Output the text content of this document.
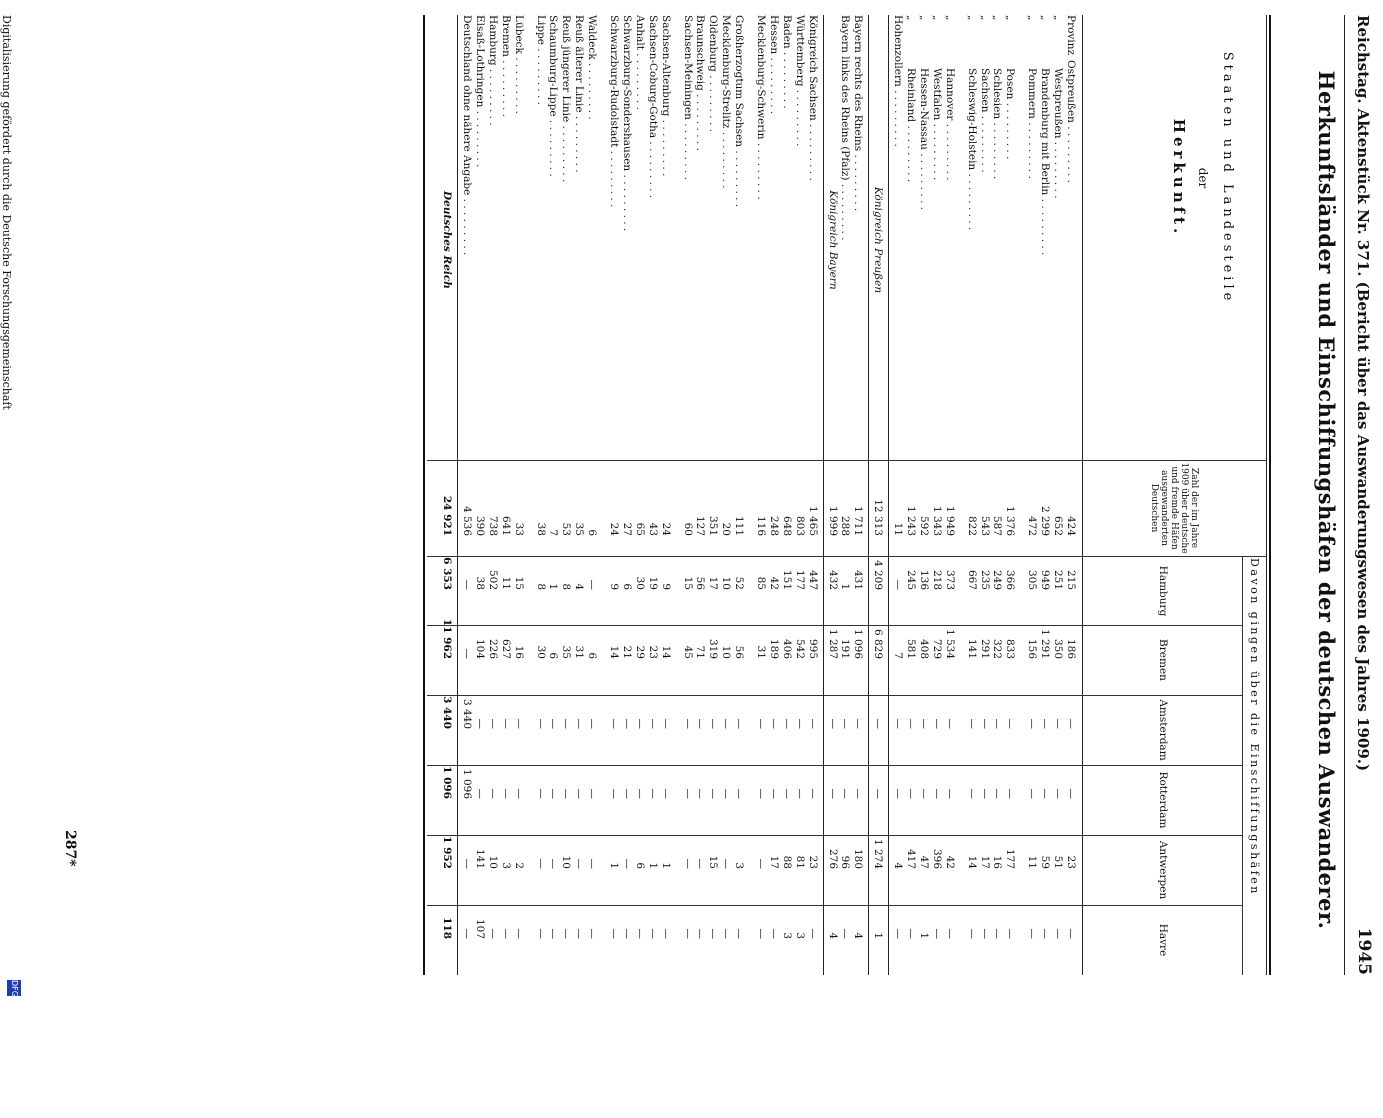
Reichstag. Aktenstück Nr. 371. (Bericht über das Auswanderungswesen des Jahres 1909.)
1945
Herkunftsländer und Einschiffungshäfen der deutschen Auswanderer.
Staaten und Landesteile
der
Herkunft.
Zahl der im Jahre 1909 über deutsche und fremde Häfen ausgewanderten Deutschen
Davon gingen über die Einschiffungshäfen
Hamburg
Bremen
Amsterdam
Rotterdam
Antwerpen
Havre
Provinz
Ostpreußen . . . . . . . . .
424
215
186
—
—
23
—
„
Westpreußen . . . . . . . . .
652
251
350
—
—
51
—
„
Brandenburg mit Berlin . . . . . . . . .
2 299
949
1 291
—
—
59
—
„
Pommern . . . . . . . . .
472
305
156
—
—
11
—
„
Posen . . . . . . . . .
1 376
366
833
—
—
177
—
„
Schlesien . . . . . . . . .
587
249
322
—
—
16
—
„
Sachsen . . . . . . . . .
543
235
291
—
—
17
—
„
Schleswig-Holstein . . . . . . . . .
822
667
141
—
—
14
—
„
Hannover . . . . . . . . .
1 949
373
1 534
—
—
42
—
„
Westfalen . . . . . . . . .
1 343
218
729
—
—
396
—
„
Hessen-Nassau . . . . . . . . .
592
136
408
—
—
47
1
„
Rheinland . . . . . . . . .
1 243
245
581
—
—
417
—
Hohenzollern . . . . . . . . .
11
—
7
—
—
4
—
Königreich Preußen
12 313
4 209
6 829
—
—
1 274
1
Bayern rechts des Rheins . . . . . . . . .
1 711
431
1 096
—
—
180
4
Bayern links des Rheins (Pfalz) . . . . . . . . .
288
1
191
—
—
96
—
Königreich Bayern
1 999
432
1 287
—
—
276
4
Königreich Sachsen . . . . . . . . .
1 465
447
995
—
—
23
—
Württemberg . . . . . . . . .
803
177
542
—
—
81
3
Baden . . . . . . . . .
648
151
406
—
—
88
3
Hessen . . . . . . . . .
248
42
189
—
—
17
—
Mecklenburg-Schwerin . . . . . . . . .
116
85
31
—
—
—
—
Großherzogtum Sachsen . . . . . . . . .
111
52
56
—
—
3
—
Mecklenburg-Strelitz . . . . . . . . .
20
10
10
—
—
—
—
Oldenburg . . . . . . . . .
351
17
319
—
—
15
—
Braunschweig . . . . . . . . .
127
56
71
—
—
—
—
Sachsen-Meiningen . . . . . . . . .
60
15
45
—
—
—
—
Sachsen-Altenburg . . . . . . . . .
24
9
14
—
—
1
—
Sachsen-Coburg-Gotha . . . . . . . . .
43
19
23
—
—
1
—
Anhalt . . . . . . . . .
65
30
29
—
—
6
—
Schwarzburg-Sondershausen . . . . . . . . .
27
6
21
—
—
—
—
Schwarzburg-Rudolstadt . . . . . . . . .
24
9
14
—
—
1
—
Waldeck . . . . . . . . .
6
—
6
—
—
—
—
Reuß älterer Linie . . . . . . . . .
35
4
31
—
—
—
—
Reuß jüngerer Linie . . . . . . . . .
53
8
35
—
—
10
—
Schaumburg-Lippe . . . . . . . . .
7
1
6
—
—
—
—
Lippe . . . . . . . . .
38
8
30
—
—
—
—
Lübeck . . . . . . . . .
33
15
16
—
—
2
—
Bremen . . . . . . . . .
641
11
627
—
—
3
—
Hamburg . . . . . . . . .
738
502
226
—
—
10
—
Elsaß-Lothringen . . . . . . . . .
390
38
104
—
—
141
107
Deutschland ohne nähere Angabe . . . . . . . . .
4 536
—
—
3 440
1 096
—
—
Deutsches Reich
24 921
6 353
11 962
3 440
1 096
1 952
118
287*
Digitalisierung gefördert durch die Deutsche Forschungsgemeinschaft
DFG
